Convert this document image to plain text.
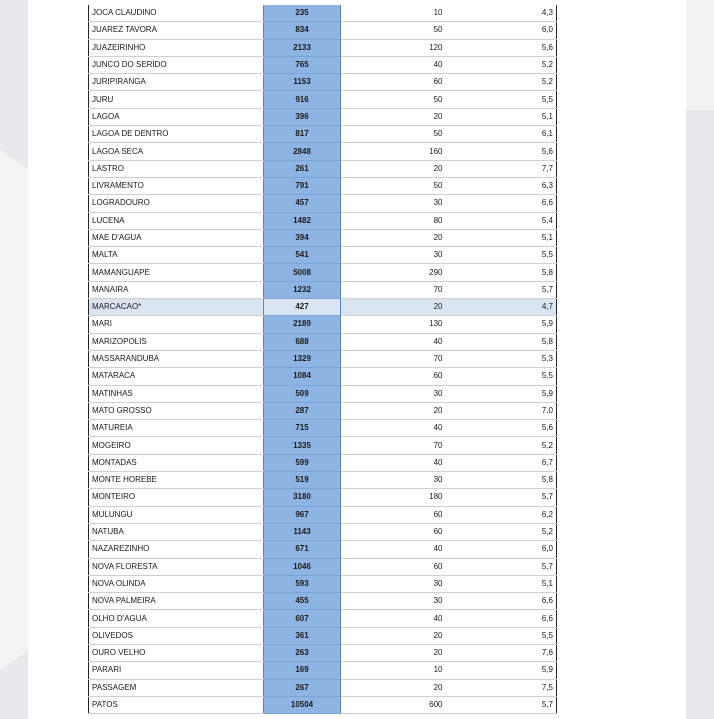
JOCA CLAUDINO	235	10	4,3
JUAREZ TAVORA	834	50	6,0
JUAZEIRINHO	2133	120	5,6
JUNCO DO SERIDO	765	40	5,2
JURIPIRANGA	1153	60	5,2
JURU	916	50	5,5
LAGOA	396	20	5,1
LAGOA DE DENTRO	817	50	6,1
LAGOA SECA	2848	160	5,6
LASTRO	261	20	7,7
LIVRAMENTO	791	50	6,3
LOGRADOURO	457	30	6,6
LUCENA	1482	80	5,4
MAE D'AGUA	394	20	5,1
MALTA	541	30	5,5
MAMANGUAPE	5008	290	5,8
MANAIRA	1232	70	5,7
MARCACAO*	427	20	4,7
MARI	2189	130	5,9
MARIZOPOLIS	688	40	5,8
MASSARANDUBA	1329	70	5,3
MATARACA	1084	60	5,5
MATINHAS	509	30	5,9
MATO GROSSO	287	20	7,0
MATUREIA	715	40	5,6
MOGEIRO	1335	70	5,2
MONTADAS	599	40	6,7
MONTE HOREBE	519	30	5,8
MONTEIRO	3180	180	5,7
MULUNGU	967	60	6,2
NATUBA	1143	60	5,2
NAZAREZINHO	671	40	6,0
NOVA FLORESTA	1046	60	5,7
NOVA OLINDA	593	30	5,1
NOVA PALMEIRA	455	30	6,6
OLHO D'AGUA	607	40	6,6
OLIVEDOS	361	20	5,5
OURO VELHO	263	20	7,6
PARARI	169	10	5,9
PASSAGEM	267	20	7,5
PATOS	10504	600	5,7
